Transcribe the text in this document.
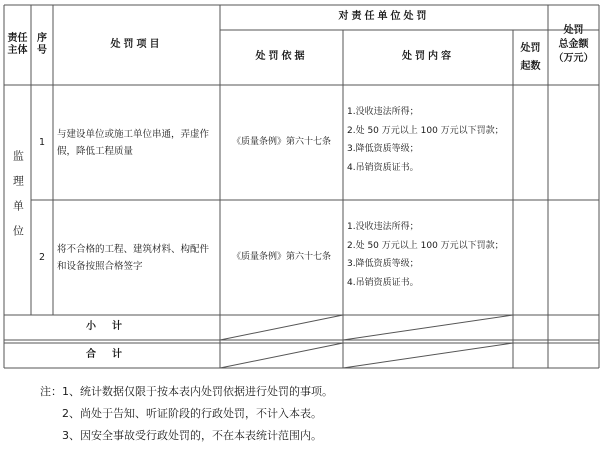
责任
主体
序
号
处罚项目
对责任单位处罚
处罚依据	处罚内容
处罚
起数
处罚
总金额
（万元）
监理单位
1
与建设单位或施工单位串通，弄虚作假，降低工程质量
《质量条例》第六十七条
1.没收违法所得；
2.处 50 万元以上 100 万元以下罚款；
3.降低资质等级；
4.吊销资质证书。
2
将不合格的工程、建筑材料、构配件和设备按照合格签字
《质量条例》第六十七条
1.没收违法所得；
2.处 50 万元以上 100 万元以下罚款；
3.降低资质等级；
4.吊销资质证书。
小计
合计
注：1、统计数据仅限于按本表内处罚依据进行处罚的事项。
2、尚处于告知、听证阶段的行政处罚，不计入本表。
3、因安全事故受行政处罚的，不在本表统计范围内。
